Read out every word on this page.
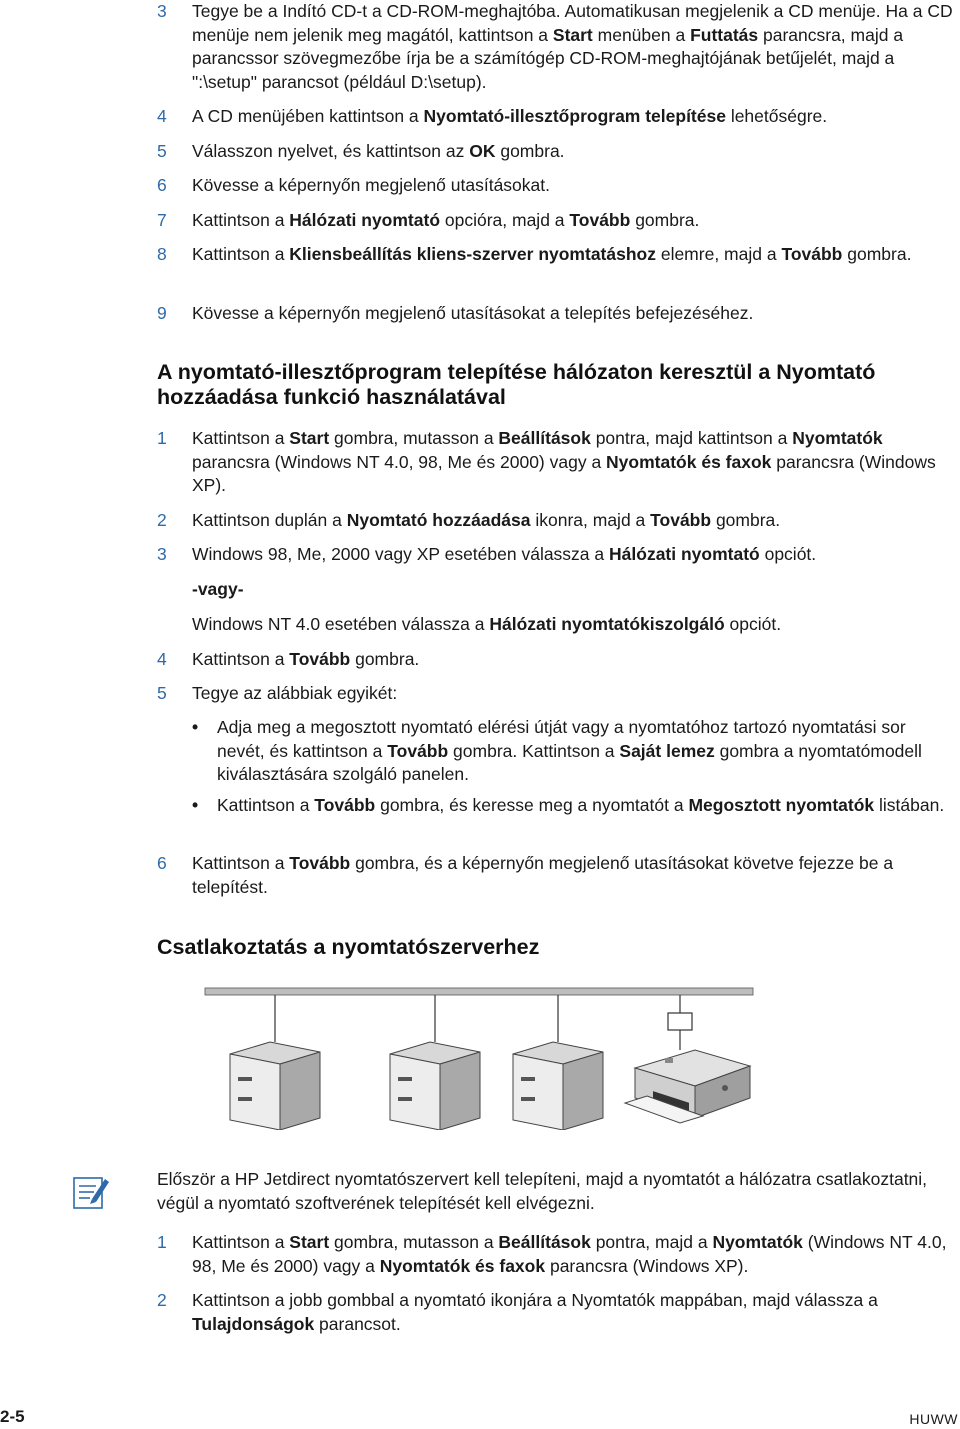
3	Tegye be a Indító CD-t a CD-ROM-meghajtóba. Automatikusan megjelenik a CD menüje. Ha a CD menüje nem jelenik meg magától, kattintson a Start menüben a Futtatás parancsra, majd a parancssor szövegmezőbe írja be a számítógép CD-ROM-meghajtójának betűjelét, majd a ":\setup" parancsot (például D:\setup).
4	A CD menüjében kattintson a Nyomtató-illesztőprogram telepítése lehetőségre.
5	Válasszon nyelvet, és kattintson az OK gombra.
6	Kövesse a képernyőn megjelenő utasításokat.
7	Kattintson a Hálózati nyomtató opcióra, majd a Tovább gombra.
8	Kattintson a Kliensbeállítás kliens-szerver nyomtatáshoz elemre, majd a Tovább gombra.
9	Kövesse a képernyőn megjelenő utasításokat a telepítés befejezéséhez.
A nyomtató-illesztőprogram telepítése hálózaton keresztül a Nyomtató hozzáadása funkció használatával
1	Kattintson a Start gombra, mutasson a Beállítások pontra, majd kattintson a Nyomtatók parancsra (Windows NT 4.0, 98, Me és 2000) vagy a Nyomtatók és faxok parancsra (Windows XP).
2	Kattintson duplán a Nyomtató hozzáadása ikonra, majd a Tovább gombra.
3	Windows 98, Me, 2000 vagy XP esetében válassza a Hálózati nyomtató opciót.
-vagy-
Windows NT 4.0 esetében válassza a Hálózati nyomtatókiszolgáló opciót.
4	Kattintson a Tovább gombra.
5	Tegye az alábbiak egyikét:
• Adja meg a megosztott nyomtató elérési útját vagy a nyomtatóhoz tartozó nyomtatási sor nevét, és kattintson a Tovább gombra. Kattintson a Saját lemez gombra a nyomtatómodell kiválasztására szolgáló panelen.
• Kattintson a Tovább gombra, és keresse meg a nyomtatót a Megosztott nyomtatók listában.
6	Kattintson a Tovább gombra, és a képernyőn megjelenő utasításokat követve fejezze be a telepítést.
Csatlakoztatás a nyomtatószerverhez
Először a HP Jetdirect nyomtatószervert kell telepíteni, majd a nyomtatót a hálózatra csatlakoztatni, végül a nyomtató szoftverének telepítését kell elvégezni.
1	Kattintson a Start gombra, mutasson a Beállítások pontra, majd a Nyomtatók (Windows NT 4.0, 98, Me és 2000) vagy a Nyomtatók és faxok parancsra (Windows XP).
2	Kattintson a jobb gombbal a nyomtató ikonjára a Nyomtatók mappában, majd válassza a Tulajdonságok parancsot.
2-5	HUWW
